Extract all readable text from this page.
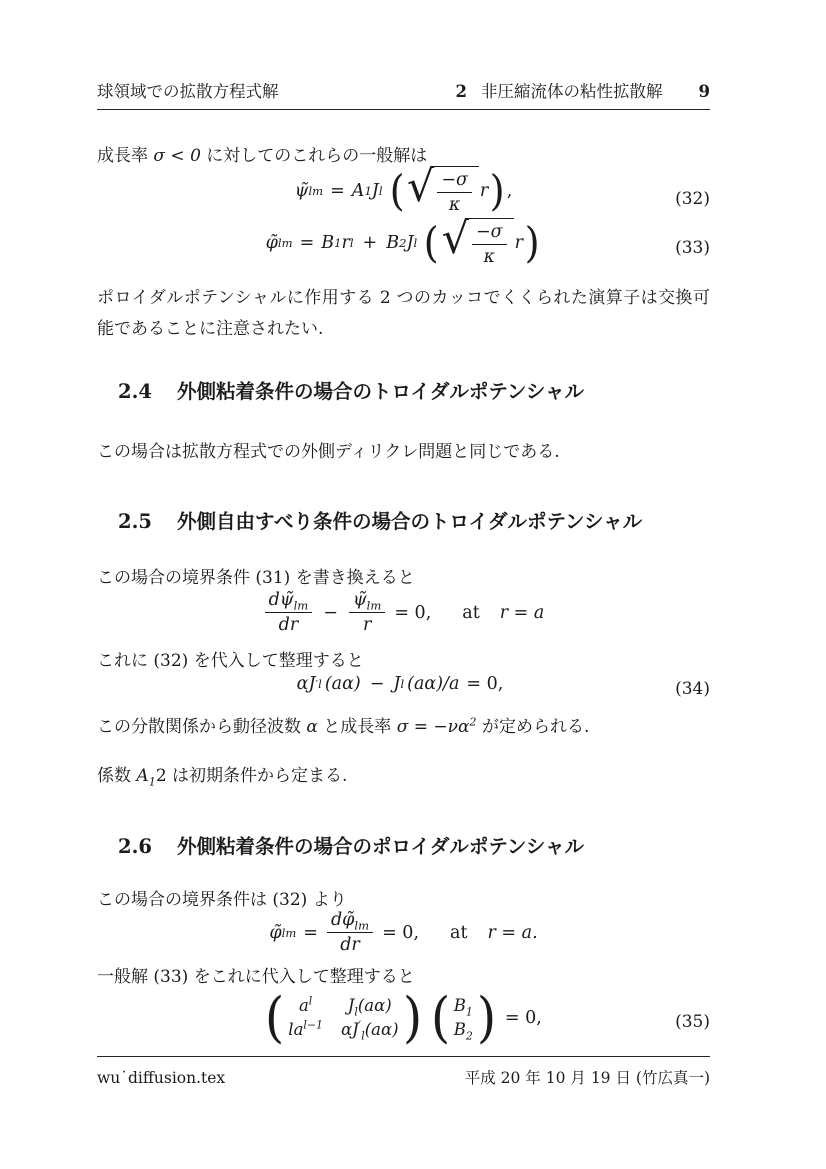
球領域での拡散方程式解	2 非圧縮流体の粘性拡散解 9
成長率 σ < 0 に対してのこれらの一般解は
ψ̃ lm = A 1 J l ( √ $\frac{-\sigma}{\kappa}$ r ) ,	(32)
φ̃ lm = B 1 r l + B 2 J l ( √ $\frac{-\sigma}{\kappa}$ r )	(33)
ポロイダルポテンシャルに作用する 2 つのカッコでくくられた演算子は交換可能であることに注意されたい.
2.4 外側粘着条件の場合のトロイダルポテンシャル
この場合は拡散方程式での外側ディリクレ問題と同じである.
2.5 外側自由すべり条件の場合のトロイダルポテンシャル
この場合の境界条件 (31) を書き換えると
$\frac{d\psĩ_{lm}}{dr} - \frac{\psĩ_{lm}}{r} = 0$, at r = a
これに (32) を代入して整理すると
α J ′ l (aα) − J l (aα) /a = 0,	(34)
この分散関係から動径波数 α と成長率 $\sigma = -\nu\alpha^2$ が定められる.
係数 $A_12$ は初期条件から定まる.
2.6 外側粘着条件の場合のポロイダルポテンシャル
この場合の境界条件は (32) より
φ̃ lm = $\frac{d\varphĩ_{lm}}{dr} = 0$, at r = a.
一般解 (33) をこれに代入して整理すると
( $a^l$ $J_l(a\alpha)$
$la^{l-1}$ $\alpha J'_l(a\alpha)$ ) ( $B_1$
$B_2$ ) = 0,	(35)
wu˙diffusion.tex	平成 20 年 10 月 19 日 (竹広真一)
